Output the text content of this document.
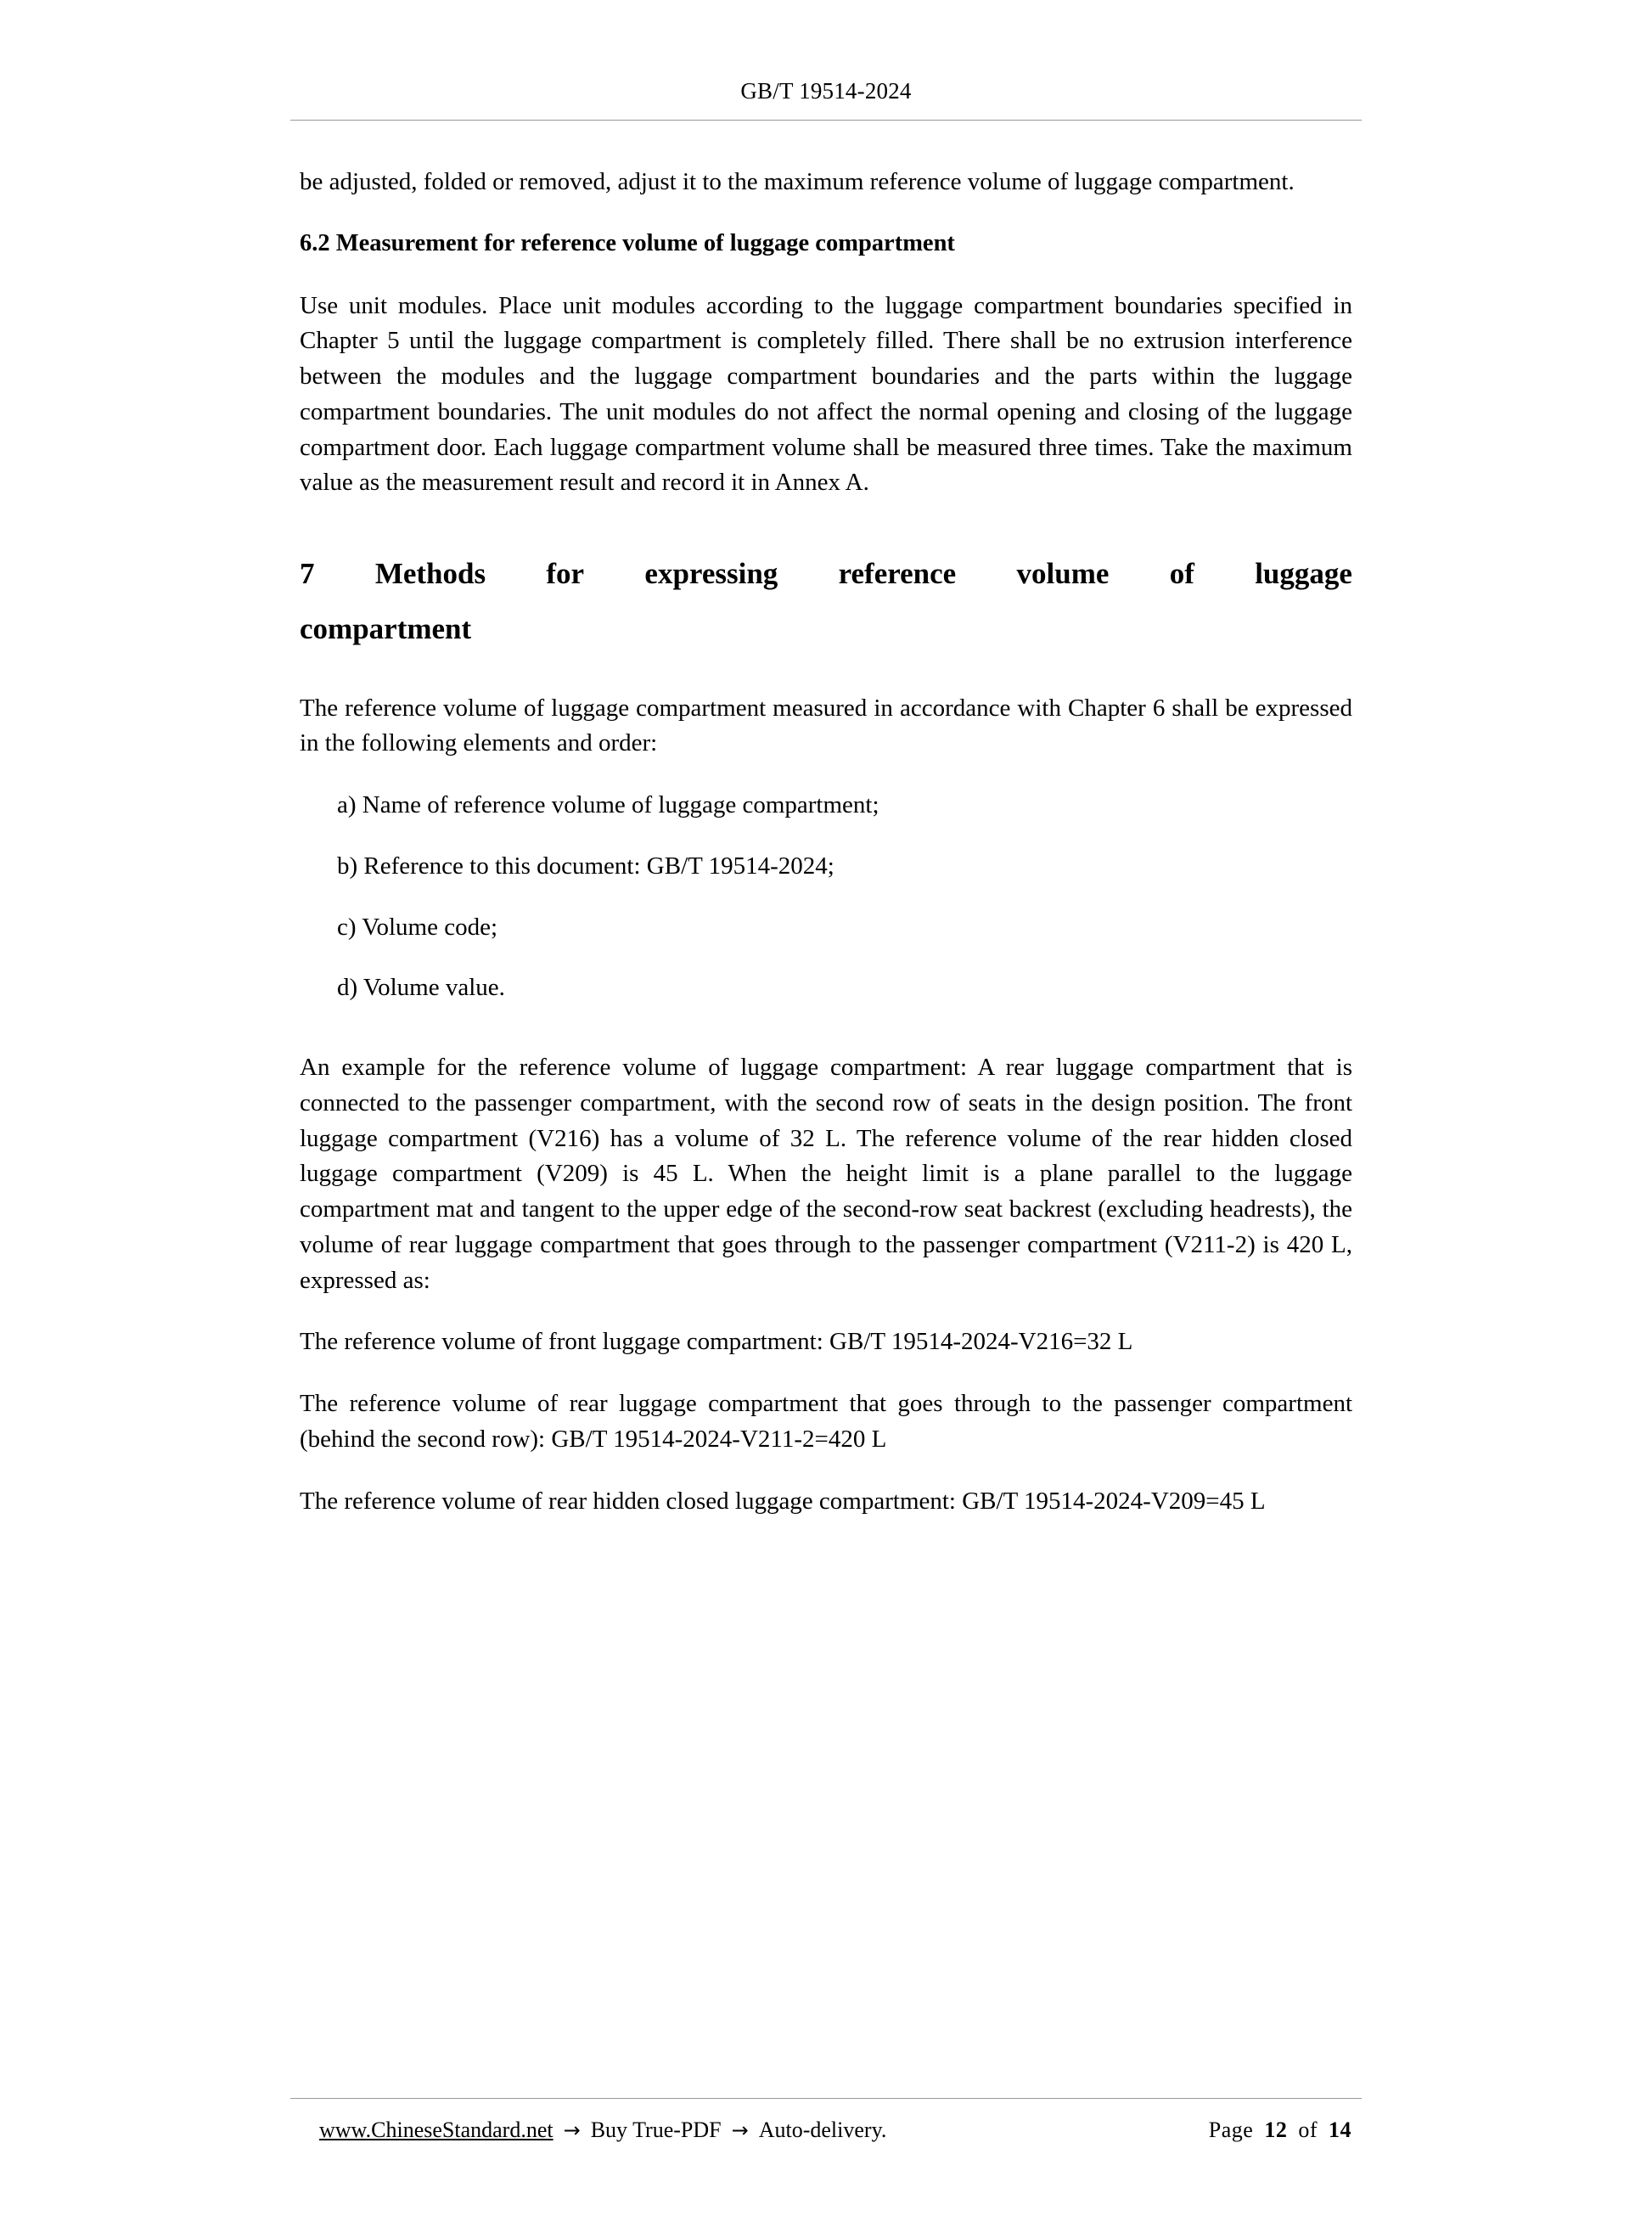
GB/T 19514-2024

be adjusted, folded or removed, adjust it to the maximum reference volume of luggage compartment.

6.2 Measurement for reference volume of luggage compartment

Use unit modules. Place unit modules according to the luggage compartment boundaries specified in Chapter 5 until the luggage compartment is completely filled. There shall be no extrusion interference between the modules and the luggage compartment boundaries and the parts within the luggage compartment boundaries. The unit modules do not affect the normal opening and closing of the luggage compartment door. Each luggage compartment volume shall be measured three times. Take the maximum value as the measurement result and record it in Annex A.

7 Methods for expressing reference volume of luggage
compartment

The reference volume of luggage compartment measured in accordance with Chapter 6 shall be expressed in the following elements and order:

a) Name of reference volume of luggage compartment;

b) Reference to this document: GB/T 19514-2024;

c) Volume code;

d) Volume value.

An example for the reference volume of luggage compartment: A rear luggage compartment that is connected to the passenger compartment, with the second row of seats in the design position. The front luggage compartment (V216) has a volume of 32 L. The reference volume of the rear hidden closed luggage compartment (V209) is 45 L. When the height limit is a plane parallel to the luggage compartment mat and tangent to the upper edge of the second-row seat backrest (excluding headrests), the volume of rear luggage compartment that goes through to the passenger compartment (V211-2) is 420 L, expressed as:

The reference volume of front luggage compartment: GB/T 19514-2024-V216=32 L

The reference volume of rear luggage compartment that goes through to the passenger compartment (behind the second row): GB/T 19514-2024-V211-2=420 L

The reference volume of rear hidden closed luggage compartment: GB/T 19514-2024-V209=45 L

www.ChineseStandard.net → Buy True-PDF → Auto-delivery.	Page 12 of 14
